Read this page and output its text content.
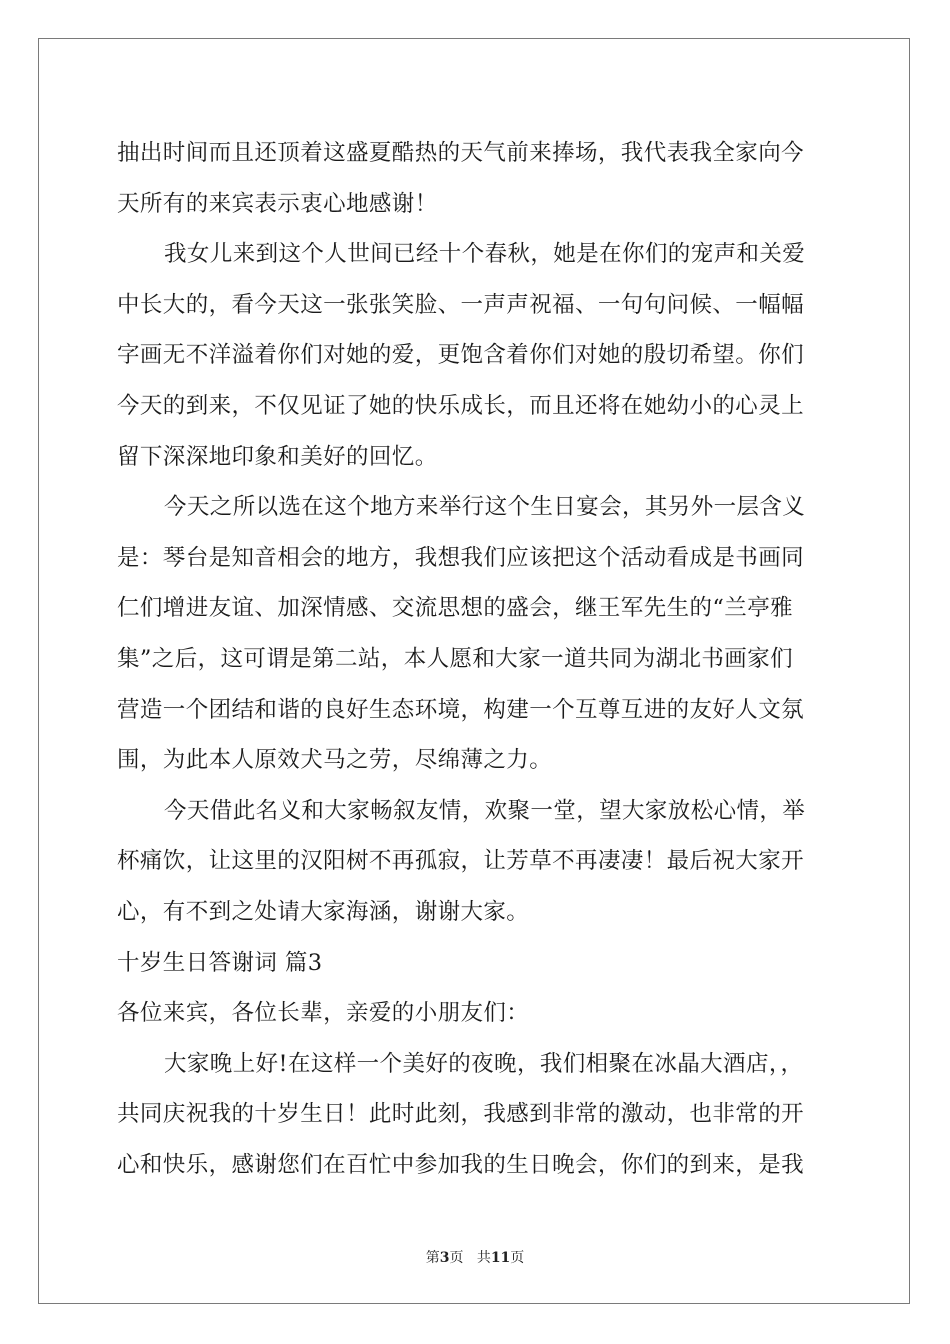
抽出时间而且还顶着这盛夏酷热的天气前来捧场，我代表我全家向今
天所有的来宾表示衷心地感谢！
我女儿来到这个人世间已经十个春秋，她是在你们的宠声和关爱
中长大的，看今天这一张张笑脸、一声声祝福、一句句问候、一幅幅
字画无不洋溢着你们对她的爱，更饱含着你们对她的殷切希望。你们
今天的到来，不仅见证了她的快乐成长，而且还将在她幼小的心灵上
留下深深地印象和美好的回忆。
今天之所以选在这个地方来举行这个生日宴会，其另外一层含义
是：琴台是知音相会的地方，我想我们应该把这个活动看成是书画同
仁们增进友谊、加深情感、交流思想的盛会，继王军先生的“兰亭雅
集”之后，这可谓是第二站，本人愿和大家一道共同为湖北书画家们
营造一个团结和谐的良好生态环境，构建一个互尊互进的友好人文氛
围，为此本人原效犬马之劳，尽绵薄之力。
今天借此名义和大家畅叙友情，欢聚一堂，望大家放松心情，举
杯痛饮，让这里的汉阳树不再孤寂，让芳草不再凄凄！最后祝大家开
心，有不到之处请大家海涵，谢谢大家。
十岁生日答谢词 篇3
各位来宾，各位长辈，亲爱的小朋友们：
大家晚上好!在这样一个美好的夜晚，我们相聚在冰晶大酒店，，
共同庆祝我的十岁生日！此时此刻，我感到非常的激动，也非常的开
心和快乐，感谢您们在百忙中参加我的生日晚会，你们的到来，是我
第3页 共11页
